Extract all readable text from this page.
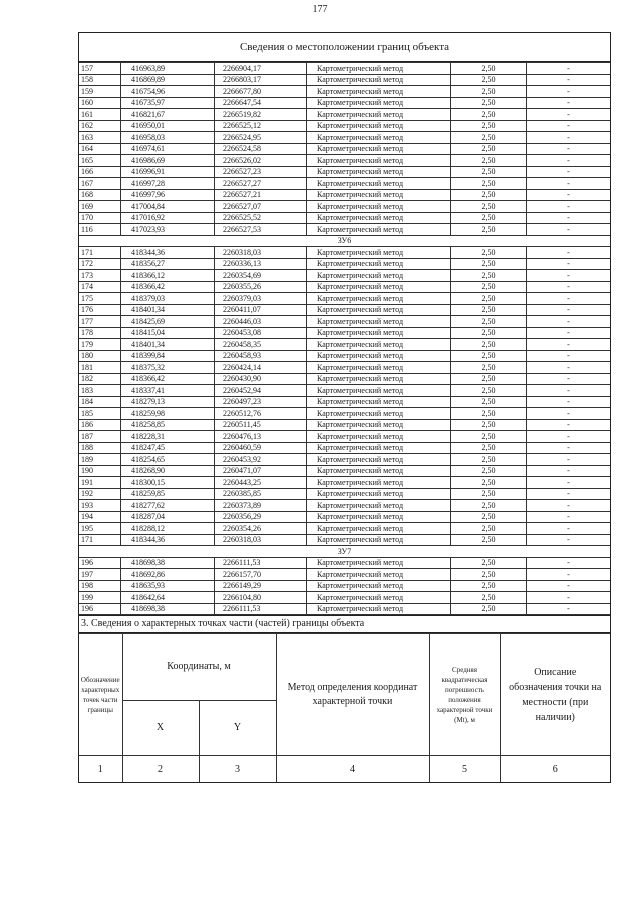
177
Сведения о местоположении границ объекта
157	416963,89	2266904,17	Картометрический метод	2,50	-
158	416869,89	2266803,17	Картометрический метод	2,50	-
159	416754,96	2266677,80	Картометрический метод	2,50	-
160	416735,97	2266647,54	Картометрический метод	2,50	-
161	416821,67	2266519,82	Картометрический метод	2,50	-
162	416950,01	2266525,12	Картометрический метод	2,50	-
163	416958,03	2266524,95	Картометрический метод	2,50	-
164	416974,61	2266524,58	Картометрический метод	2,50	-
165	416986,69	2266526,02	Картометрический метод	2,50	-
166	416996,91	2266527,23	Картометрический метод	2,50	-
167	416997,28	2266527,27	Картометрический метод	2,50	-
168	416997,96	2266527,21	Картометрический метод	2,50	-
169	417004,84	2266527,07	Картометрический метод	2,50	-
170	417016,92	2266525,52	Картометрический метод	2,50	-
116	417023,93	2266527,53	Картометрический метод	2,50	-
ЗУ6					
171	418344,36	2260318,03	Картометрический метод	2,50	-
172	418356,27	2260336,13	Картометрический метод	2,50	-
173	418366,12	2260354,69	Картометрический метод	2,50	-
174	418366,42	2260355,26	Картометрический метод	2,50	-
175	418379,03	2260379,03	Картометрический метод	2,50	-
176	418401,34	2260411,07	Картометрический метод	2,50	-
177	418425,69	2260446,03	Картометрический метод	2,50	-
178	418415,04	2260453,08	Картометрический метод	2,50	-
179	418401,34	2260458,35	Картометрический метод	2,50	-
180	418399,84	2260458,93	Картометрический метод	2,50	-
181	418375,32	2260424,14	Картометрический метод	2,50	-
182	418366,42	2260430,90	Картометрический метод	2,50	-
183	418337,41	2260452,94	Картометрический метод	2,50	-
184	418279,13	2260497,23	Картометрический метод	2,50	-
185	418259,98	2260512,76	Картометрический метод	2,50	-
186	418258,85	2260511,45	Картометрический метод	2,50	-
187	418228,31	2260476,13	Картометрический метод	2,50	-
188	418247,45	2260460,59	Картометрический метод	2,50	-
189	418254,65	2260453,92	Картометрический метод	2,50	-
190	418268,90	2260471,07	Картометрический метод	2,50	-
191	418300,15	2260443,25	Картометрический метод	2,50	-
192	418259,85	2260385,85	Картометрический метод	2,50	-
193	418277,62	2260373,89	Картометрический метод	2,50	-
194	418287,04	2260356,29	Картометрический метод	2,50	-
195	418288,12	2260354,26	Картометрический метод	2,50	-
171	418344,36	2260318,03	Картометрический метод	2,50	-
ЗУ7					
196	418698,38	2266111,53	Картометрический метод	2,50	-
197	418692,86	2266157,70	Картометрический метод	2,50	-
198	418635,93	2266149,29	Картометрический метод	2,50	-
199	418642,64	2266104,80	Картометрический метод	2,50	-
196	418698,38	2266111,53	Картометрический метод	2,50	-
3. Сведения о характерных точках части (частей) границы объекта
Обозначение характерных точек части границы	Координаты, м		Метод определения координат характерной точки	Средняя квадратическая погрешность положения характерной точки (Mt), м	Описание обозначения точки на местности (при наличии)
	X	Y			
1	2	3	4	5	6
